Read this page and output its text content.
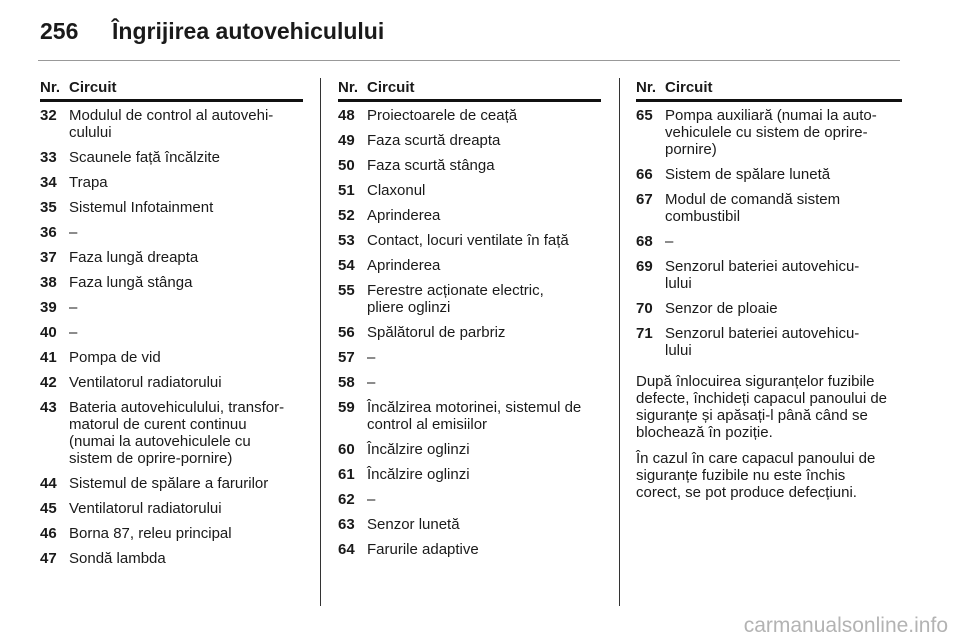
256 Îngrijirea autovehiculului
Nr. Circuit
32 Modulul de control al autovehi-
culului
33 Scaunele față încălzite
34 Trapa
35 Sistemul Infotainment
36 –
37 Faza lungă dreapta
38 Faza lungă stânga
39 –
40 –
41 Pompa de vid
42 Ventilatorul radiatorului
43 Bateria autovehiculului, transfor-
matorul de curent continuu
(numai la autovehiculele cu
sistem de oprire-pornire)
44 Sistemul de spălare a farurilor
45 Ventilatorul radiatorului
46 Borna 87, releu principal
47 Sondă lambda
Nr. Circuit
48 Proiectoarele de ceață
49 Faza scurtă dreapta
50 Faza scurtă stânga
51 Claxonul
52 Aprinderea
53 Contact, locuri ventilate în față
54 Aprinderea
55 Ferestre acționate electric,
pliere oglinzi
56 Spălătorul de parbriz
57 –
58 –
59 Încălzirea motorinei, sistemul de
control al emisiilor
60 Încălzire oglinzi
61 Încălzire oglinzi
62 –
63 Senzor lunetă
64 Farurile adaptive
Nr. Circuit
65 Pompa auxiliară (numai la auto-
vehiculele cu sistem de oprire-
pornire)
66 Sistem de spălare lunetă
67 Modul de comandă sistem
combustibil
68 –
69 Senzorul bateriei autovehicu-
lului
70 Senzor de ploaie
71 Senzorul bateriei autovehicu-
lului

După înlocuirea siguranțelor fuzibile
defecte, închideți capacul panoului de
siguranțe și apăsați-l până când se
blochează în poziție.

În cazul în care capacul panoului de
siguranțe fuzibile nu este închis
corect, se pot produce defecțiuni.

carmanualsonline.info
